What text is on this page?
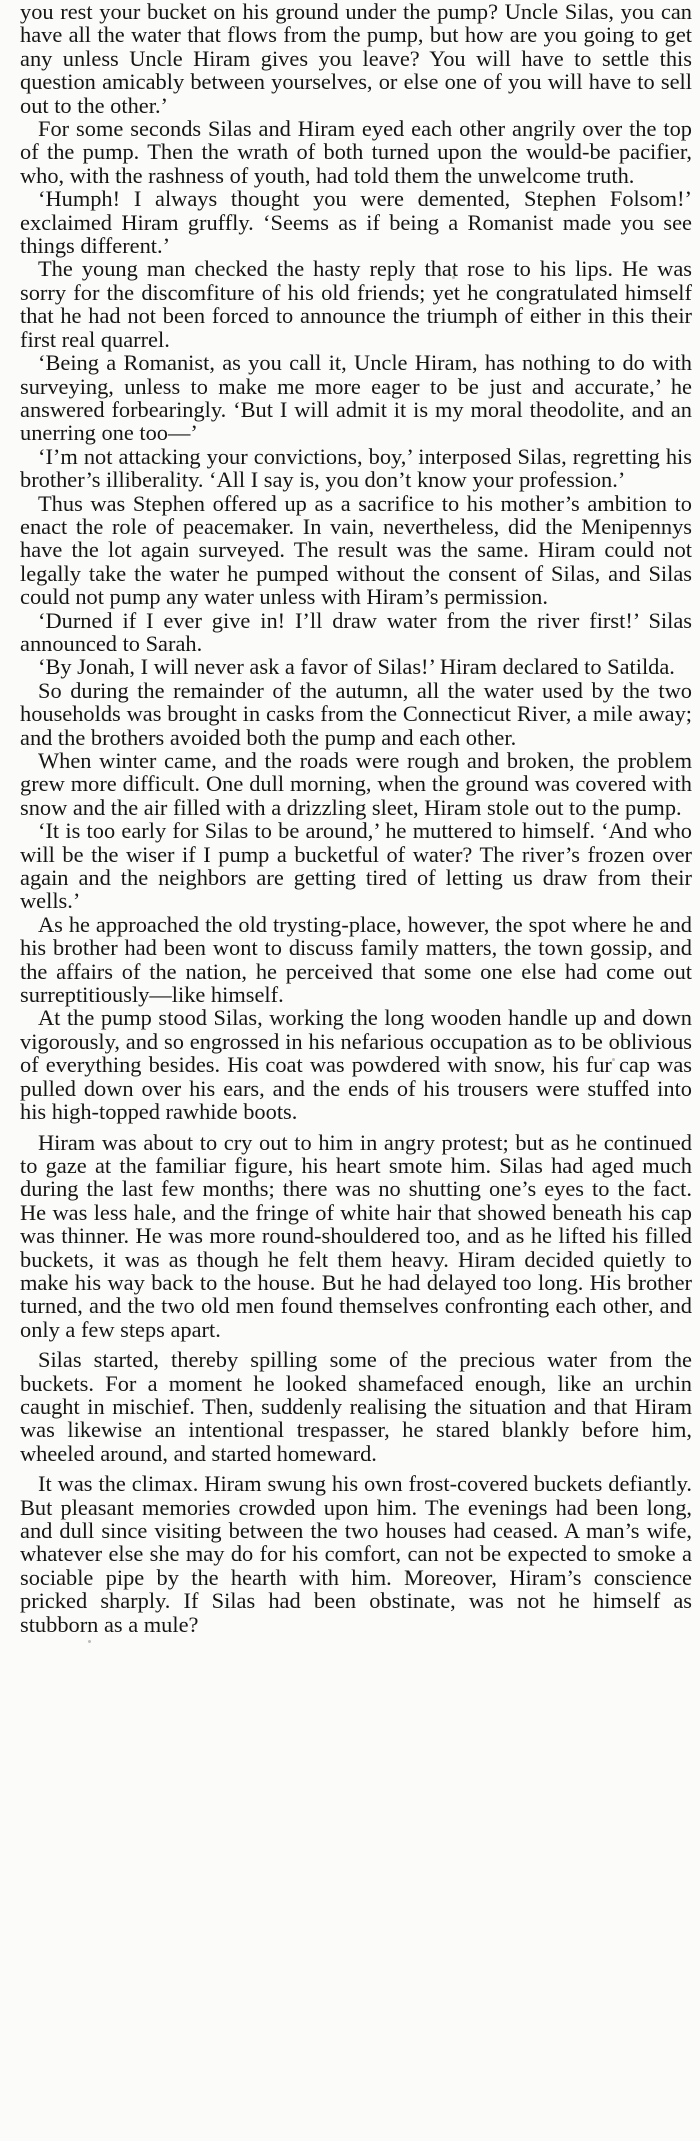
you rest your bucket on his ground under the pump? Uncle Silas, you can have all the water that flows from the pump, but how are you going to get any unless Uncle Hiram gives you leave? You will have to settle this question amicably between yourselves, or else one of you will have to sell out to the other.’

For some seconds Silas and Hiram eyed each other angrily over the top of the pump. Then the wrath of both turned upon the would-be pacifier, who, with the rashness of youth, had told them the unwelcome truth.

‘Humph! I always thought you were demented, Stephen Folsom!’ exclaimed Hiram gruffly. ‘Seems as if being a Romanist made you see things different.’

The young man checked the hasty reply that rose to his lips. He was sorry for the discomfiture of his old friends; yet he congratulated himself that he had not been forced to announce the triumph of either in this their first real quarrel.

‘Being a Romanist, as you call it, Uncle Hiram, has nothing to do with surveying, unless to make me more eager to be just and accurate,’ he answered forbearingly. ‘But I will admit it is my moral theodolite, and an unerring one too—’

‘I’m not attacking your convictions, boy,’ interposed Silas, regretting his brother’s illiberality. ‘All I say is, you don’t know your profession.’

Thus was Stephen offered up as a sacrifice to his mother’s ambition to enact the role of peacemaker. In vain, nevertheless, did the Menipennys have the lot again surveyed. The result was the same. Hiram could not legally take the water he pumped without the consent of Silas, and Silas could not pump any water unless with Hiram’s permission.

‘Durned if I ever give in! I’ll draw water from the river first!’ Silas announced to Sarah.

‘By Jonah, I will never ask a favor of Silas!’ Hiram declared to Satilda.

So during the remainder of the autumn, all the water used by the two households was brought in casks from the Connecticut River, a mile away; and the brothers avoided both the pump and each other.

When winter came, and the roads were rough and broken, the problem grew more difficult. One dull morning, when the ground was covered with snow and the air filled with a drizzling sleet, Hiram stole out to the pump.

‘It is too early for Silas to be around,’ he muttered to himself. ‘And who will be the wiser if I pump a bucketful of water? The river’s frozen over again and the neighbors are getting tired of letting us draw from their wells.’

As he approached the old trysting-place, however, the spot where he and his brother had been wont to discuss family matters, the town gossip, and the affairs of the nation, he perceived that some one else had come out surreptitiously—like himself.

At the pump stood Silas, working the long wooden handle up and down vigorously, and so engrossed in his nefarious occupation as to be oblivious of everything besides. His coat was powdered with snow, his fur cap was pulled down over his ears, and the ends of his trousers were stuffed into his high-topped rawhide boots.

Hiram was about to cry out to him in angry protest; but as he continued to gaze at the familiar figure, his heart smote him. Silas had aged much during the last few months; there was no shutting one’s eyes to the fact. He was less hale, and the fringe of white hair that showed beneath his cap was thinner. He was more round-shouldered too, and as he lifted his filled buckets, it was as though he felt them heavy. Hiram decided quietly to make his way back to the house. But he had delayed too long. His brother turned, and the two old men found themselves confronting each other, and only a few steps apart.

Silas started, thereby spilling some of the precious water from the buckets. For a moment he looked shamefaced enough, like an urchin caught in mischief. Then, suddenly realising the situation and that Hiram was likewise an intentional trespasser, he stared blankly before him, wheeled around, and started homeward.

It was the climax. Hiram swung his own frost-covered buckets defiantly. But pleasant memories crowded upon him. The evenings had been long, and dull since visiting between the two houses had ceased. A man’s wife, whatever else she may do for his comfort, can not be expected to smoke a sociable pipe by the hearth with him. Moreover, Hiram’s conscience pricked sharply. If Silas had been obstinate, was not he himself as stubborn as a mule?
